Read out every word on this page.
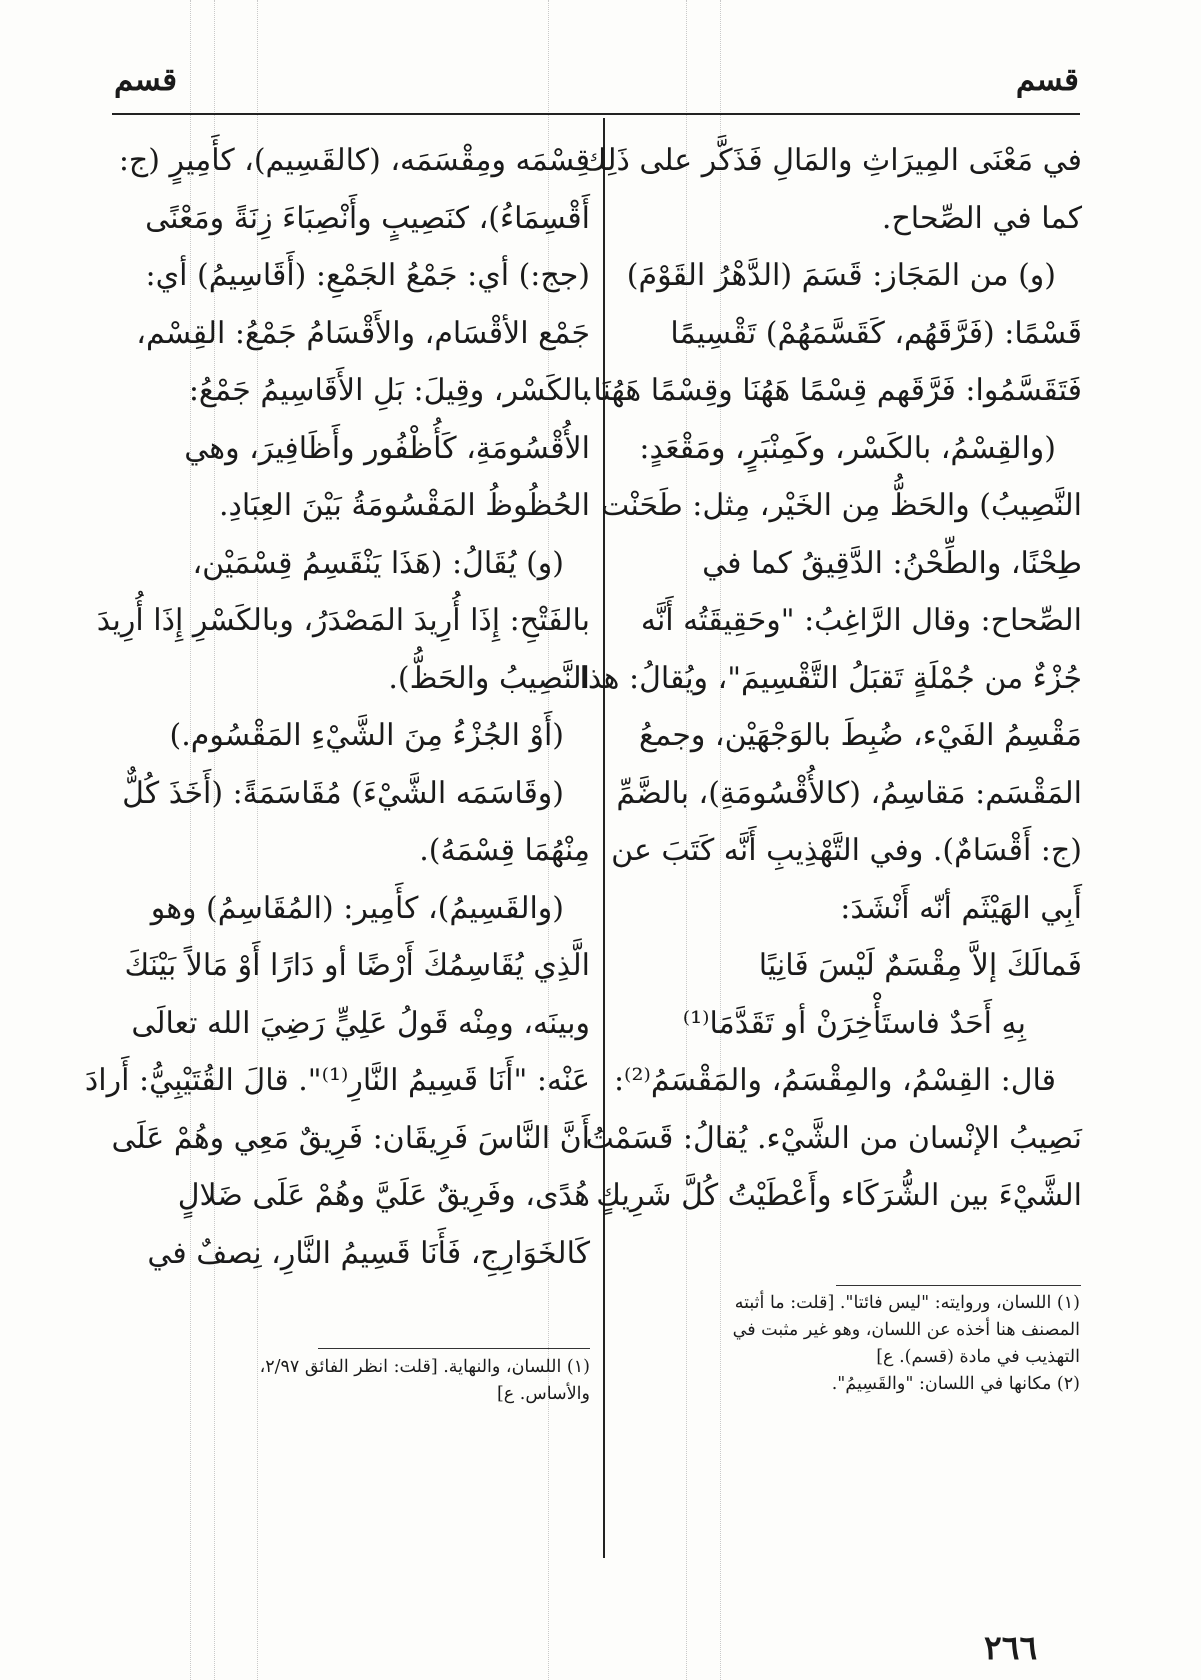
قسم
قسم
في مَعْنَى المِيرَاثِ والمَالِ فَذَكَّر على ذَلِك
كما في الصِّحاح.
(و) من المَجَاز: قَسَمَ (الدَّهْرُ القَوْمَ)
قَسْمًا: (فَرَّقَهُم، كَقَسَّمَهُمْ) تَقْسِيمًا
فَتَقَسَّمُوا: فَرَّقَهم قِسْمًا هَهُنَا وقِسْمًا هَهُنَا.
(والقِسْمُ، بالكَسْر، وكَمِنْبَرٍ، ومَقْعَدٍ:
النَّصِيبُ) والحَظُّ مِن الخَيْر، مِثل: طَحَنْت
طِحْنًا، والطِّحْنُ: الدَّقِيقُ كما في
الصِّحاح: وقال الرَّاغِبُ: "وحَقِيقَتُه أَنَّه
جُزْءٌ من جُمْلَةٍ تَقبَلُ التَّقْسِيمَ"، ويُقالُ: هذا
مَقْسِمُ الفَيْء، ضُبِطَ بالوَجْهَيْن، وجمعُ
المَقْسَم: مَقاسِمُ، (كالأُقْسُومَةِ)، بالضَّمِّ
(ج: أَقْسَامٌ). وفي التَّهْذِيبِ أَنَّه كَتَبَ عن
أَبِي الهَيْثَم أنّه أَنْشَدَ:
فَمالَكَ إلاَّ مِقْسَمٌ لَيْسَ فَانِيًا
بِهِ أَحَدٌ فاستَأْخِرَنْ أو تَقَدَّمَا⁽¹⁾
قال: القِسْمُ، والمِقْسَمُ، والمَقْسَمُ⁽²⁾:
نَصِيبُ الإنْسان من الشَّيْء. يُقالُ: قَسَمْتُ
الشَّيْءَ بين الشُّرَكَاء وأَعْطَيْتُ كُلَّ شَرِيكٍ
(١) اللسان، وروايته: "ليس فائتا". [قلت: ما أثبته
المصنف هنا أخذه عن اللسان، وهو غير مثبت في
التهذيب في مادة (قسم). ع]
(٢) مكانها في اللسان: "والقَسِيمُ".
قِسْمَه ومِقْسَمَه، (كالقَسِيم)، كأَمِيرٍ (ج:
أَقْسِمَاءُ)، كنَصِيبٍ وأَنْصِبَاءَ زِنَةً ومَعْنًى
(جج:) أي: جَمْعُ الجَمْعِ: (أَقَاسِيمُ) أي:
جَمْع الأقْسَام، والأَقْسَامُ جَمْعُ: القِسْم،
بالكَسْر، وقِيلَ: بَلِ الأَقَاسِيمُ جَمْعُ:
الأُقْسُومَةِ، كَأُظْفُور وأَظَافِيرَ، وهي
الحُظُوظُ المَقْسُومَةُ بَيْنَ العِبَادِ.
(و) يُقَالُ: (هَذَا يَنْقَسِمُ قِسْمَيْن،
بالفَتْحِ: إِذَا أُرِيدَ المَصْدَرُ، وبالكَسْرِ إِذَا أُرِيدَ
النَّصِيبُ والحَظُّ).
(أَوْ الجُزْءُ مِنَ الشَّيْءِ المَقْسُوم.)
(وقَاسَمَه الشَّيْءَ) مُقَاسَمَةً: (أَخَذَ كُلٌّ
مِنْهُمَا قِسْمَهُ).
(والقَسِيمُ)، كأَمِير: (المُقَاسِمُ) وهو
الَّذِي يُقَاسِمُكَ أَرْضًا أو دَارًا أَوْ مَالاً بَيْنَكَ
وبينَه، ومِنْه قَولُ عَلِيٍّ رَضِيَ الله تعالَى
عَنْه: "أَنَا قَسِيمُ النَّارِ⁽¹⁾". قالَ القُتَيْبِيُّ: أَرادَ
أَنَّ النَّاسَ فَرِيقَان: فَرِيقٌ مَعِي وهُمْ عَلَى
هُدًى، وفَرِيقٌ عَلَيَّ وهُمْ عَلَى ضَلالٍ
كَالخَوَارِجِ، فَأَنَا قَسِيمُ النَّارِ، نِصفٌ في
(١) اللسان، والنهاية. [قلت: انظر الفائق ٢/٩٧،
والأساس. ع]
٢٦٦
